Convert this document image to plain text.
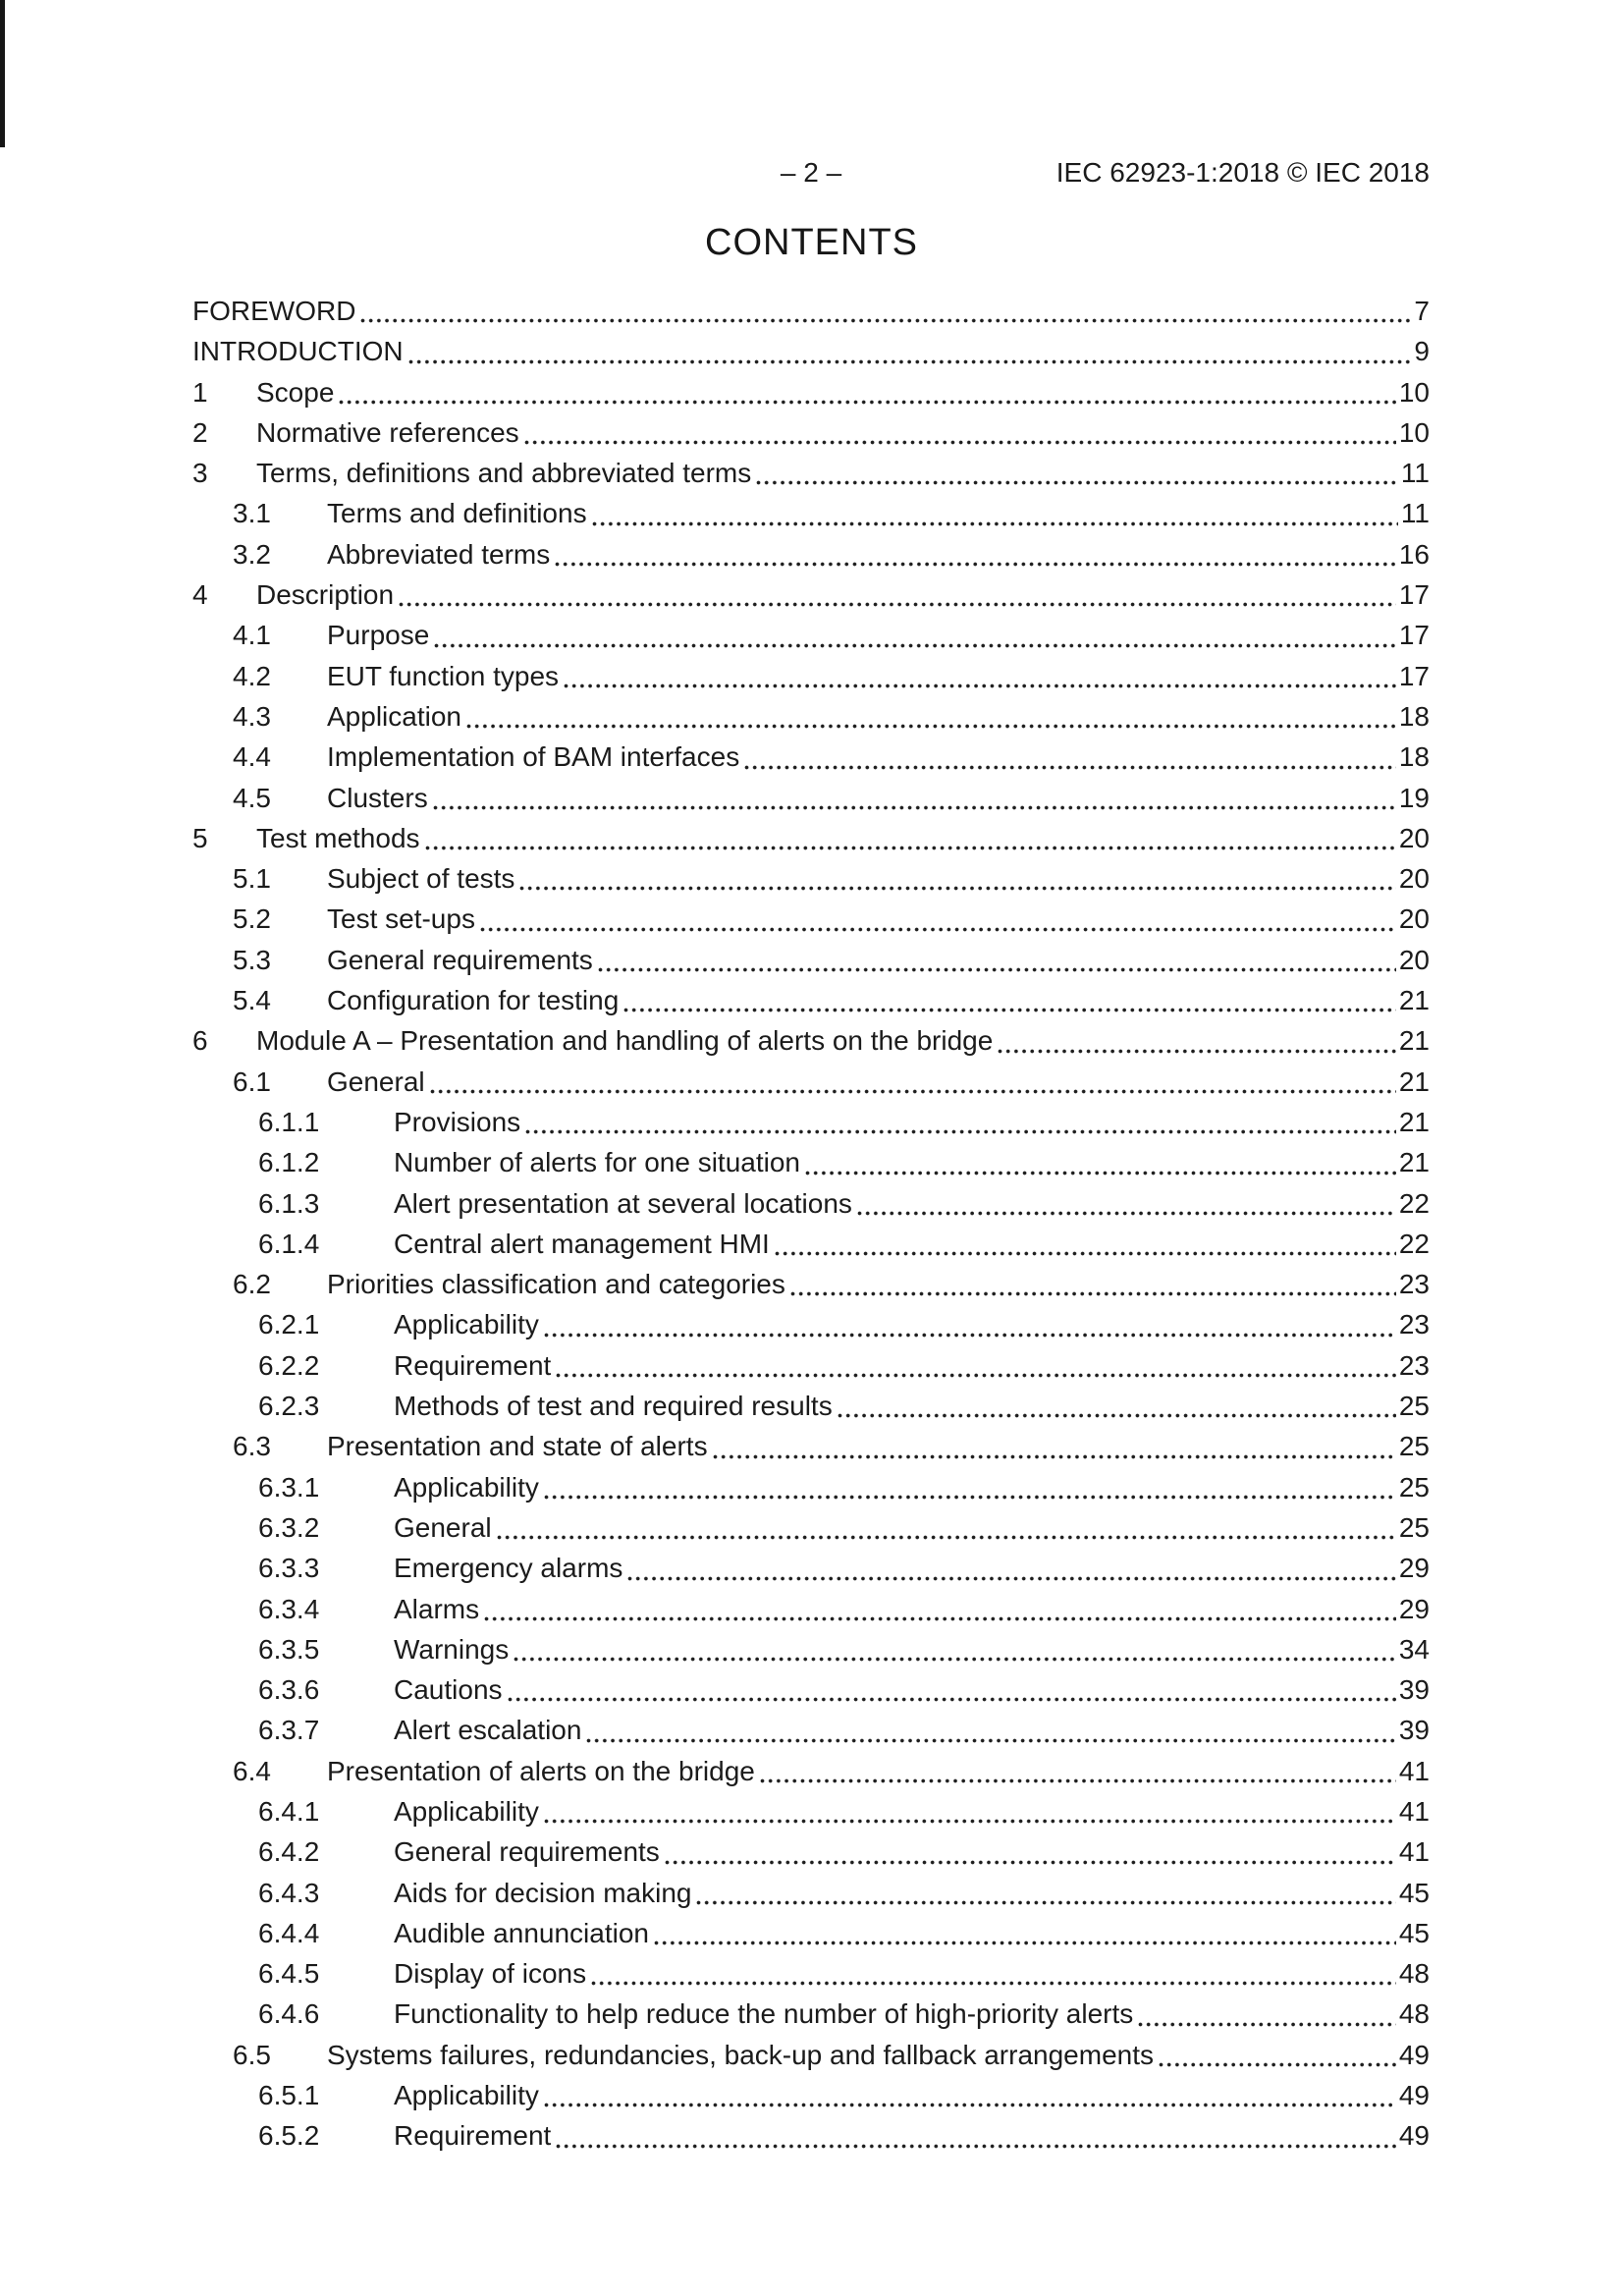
– 2 –	IEC 62923-1:2018 © IEC 2018
CONTENTS
FOREWORD	7
INTRODUCTION	9
1	Scope	10
2	Normative references	10
3	Terms, definitions and abbreviated terms	11
3.1	Terms and definitions	11
3.2	Abbreviated terms	16
4	Description	17
4.1	Purpose	17
4.2	EUT function types	17
4.3	Application	18
4.4	Implementation of BAM interfaces	18
4.5	Clusters	19
5	Test methods	20
5.1	Subject of tests	20
5.2	Test set-ups	20
5.3	General requirements	20
5.4	Configuration for testing	21
6	Module A – Presentation and handling of alerts on the bridge	21
6.1	General	21
6.1.1	Provisions	21
6.1.2	Number of alerts for one situation	21
6.1.3	Alert presentation at several locations	22
6.1.4	Central alert management HMI	22
6.2	Priorities classification and categories	23
6.2.1	Applicability	23
6.2.2	Requirement	23
6.2.3	Methods of test and required results	25
6.3	Presentation and state of alerts	25
6.3.1	Applicability	25
6.3.2	General	25
6.3.3	Emergency alarms	29
6.3.4	Alarms	29
6.3.5	Warnings	34
6.3.6	Cautions	39
6.3.7	Alert escalation	39
6.4	Presentation of alerts on the bridge	41
6.4.1	Applicability	41
6.4.2	General requirements	41
6.4.3	Aids for decision making	45
6.4.4	Audible annunciation	45
6.4.5	Display of icons	48
6.4.6	Functionality to help reduce the number of high-priority alerts	48
6.5	Systems failures, redundancies, back-up and fallback arrangements	49
6.5.1	Applicability	49
6.5.2	Requirement	49
